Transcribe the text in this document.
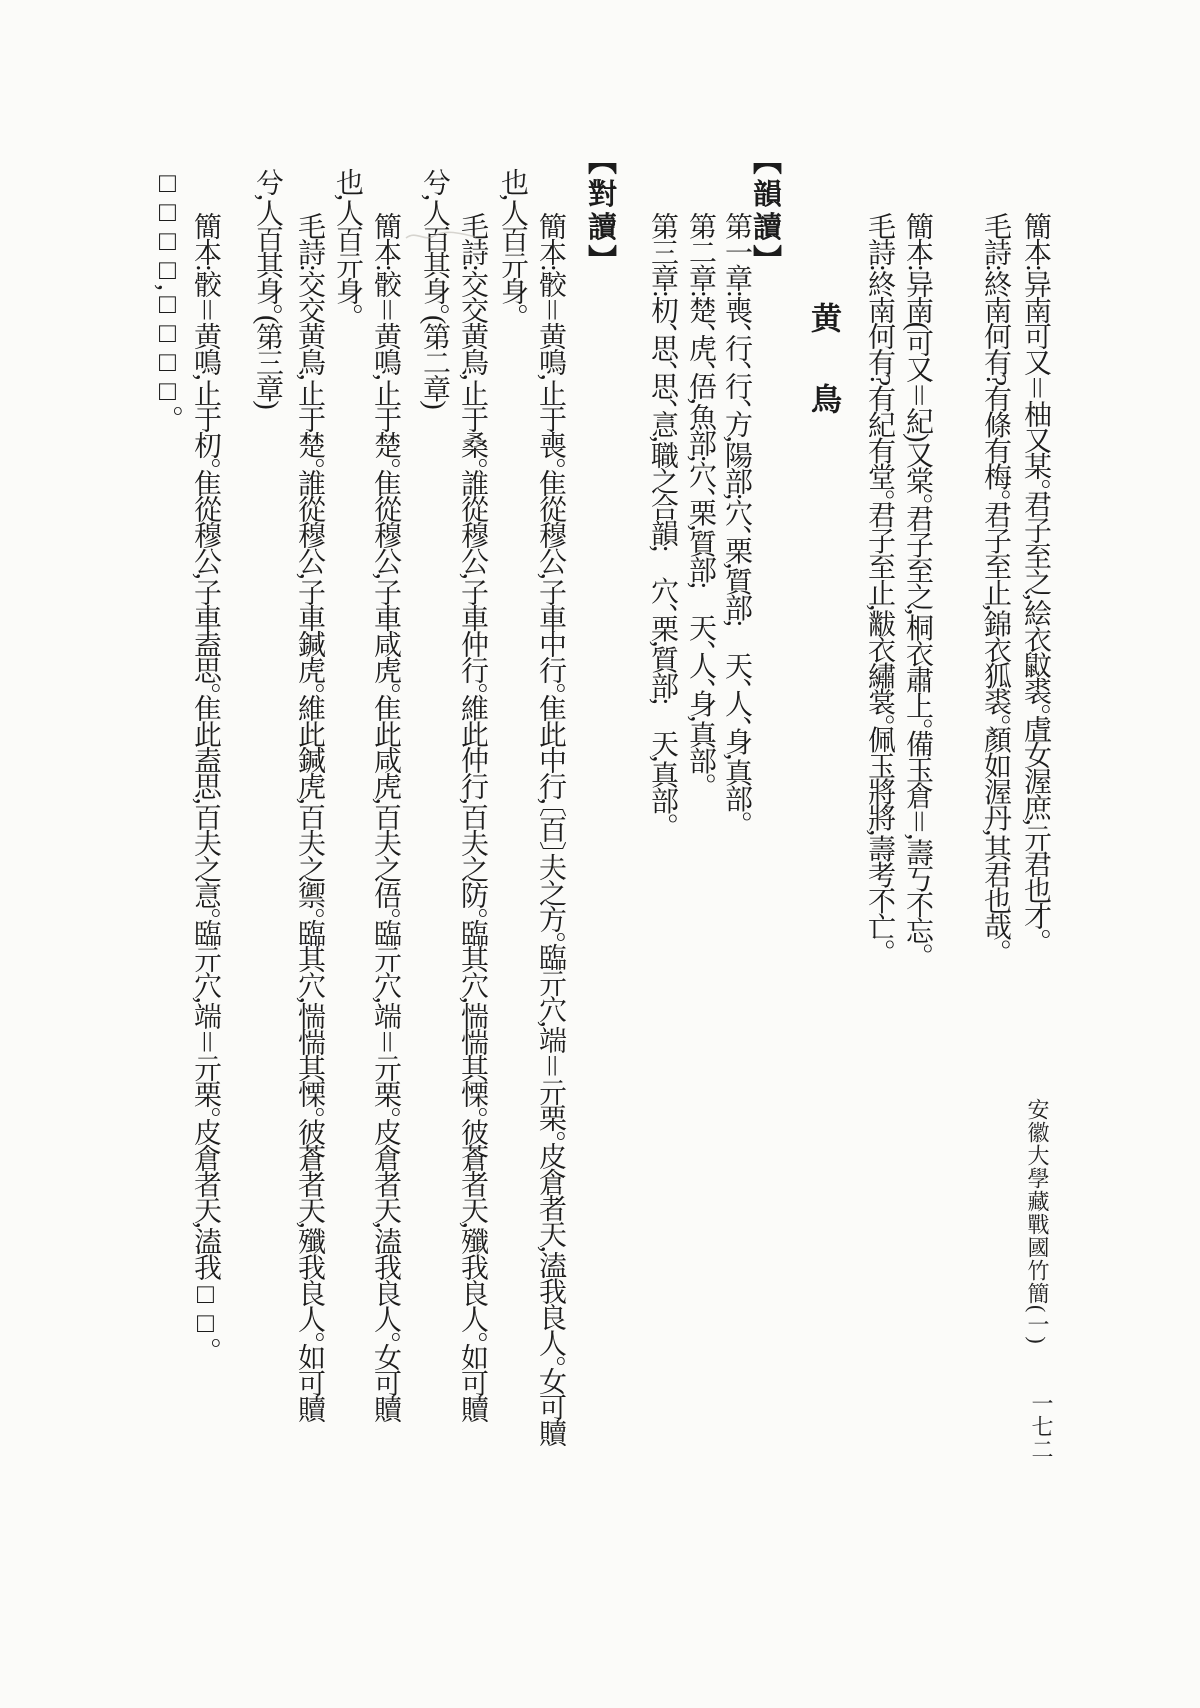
簡本:异南可又＝柚又某。君子至之,絵衣鼤裘。虘女渥庶,亓君也才。
毛詩:終南何有?有條有梅。君子至止,錦衣狐裘。顏如渥丹,其君也哉。
簡本:异南(可又＝紀)又棠。君子至之,桐衣肅上。備玉倉＝,壽丂不忘。
毛詩:終南何有?有紀有堂。君子至止,黻衣繡裳。佩玉將將,壽考不亡。
黄鳥
【韻讀】
第一章:喪、行、行、方,陽部;穴、栗,質部;　天、人、身,真部。
第二章:楚、虎、俉,魚部;穴、栗,質部;　天、人、身,真部。
第三章:朷、思、思、悥,職之合韻;　穴、栗,質部;　天,真部。
【對讀】
簡本:骹＝黄鳴,止于喪。隹從穆公,子車中行。隹此中行,〔百〕夫之方。臨亓穴,端＝亓栗。皮倉者天,溘我良人。女可贖
也,人百亓身。
毛詩:交交黄鳥,止于桑。誰從穆公,子車仲行。維此仲行,百夫之防。臨其穴,惴惴其慄。彼蒼者天,殲我良人。如可贖
兮,人百其身。(第二章)
簡本:骹＝黄鳴,止于楚。隹從穆公,子車咸虎。隹此咸虎,百夫之俉。臨亓穴,端＝亓栗。皮倉者天,溘我良人。女可贖
也,人百亓身。
毛詩:交交黄鳥,止于楚。誰從穆公,子車鍼虎。維此鍼虎,百夫之禦。臨其穴,惴惴其慄。彼蒼者天,殲我良人。如可贖
兮,人百其身。(第三章)
簡本:骹＝黄鳴,止于朷。隹從穆公,子車盍思。隹此盍思,百夫之悥。臨亓穴,端＝亓栗。皮倉者天,溘我□□。
□□□□,□□□□。
安徽大學藏戰國竹簡(一)
一七二
